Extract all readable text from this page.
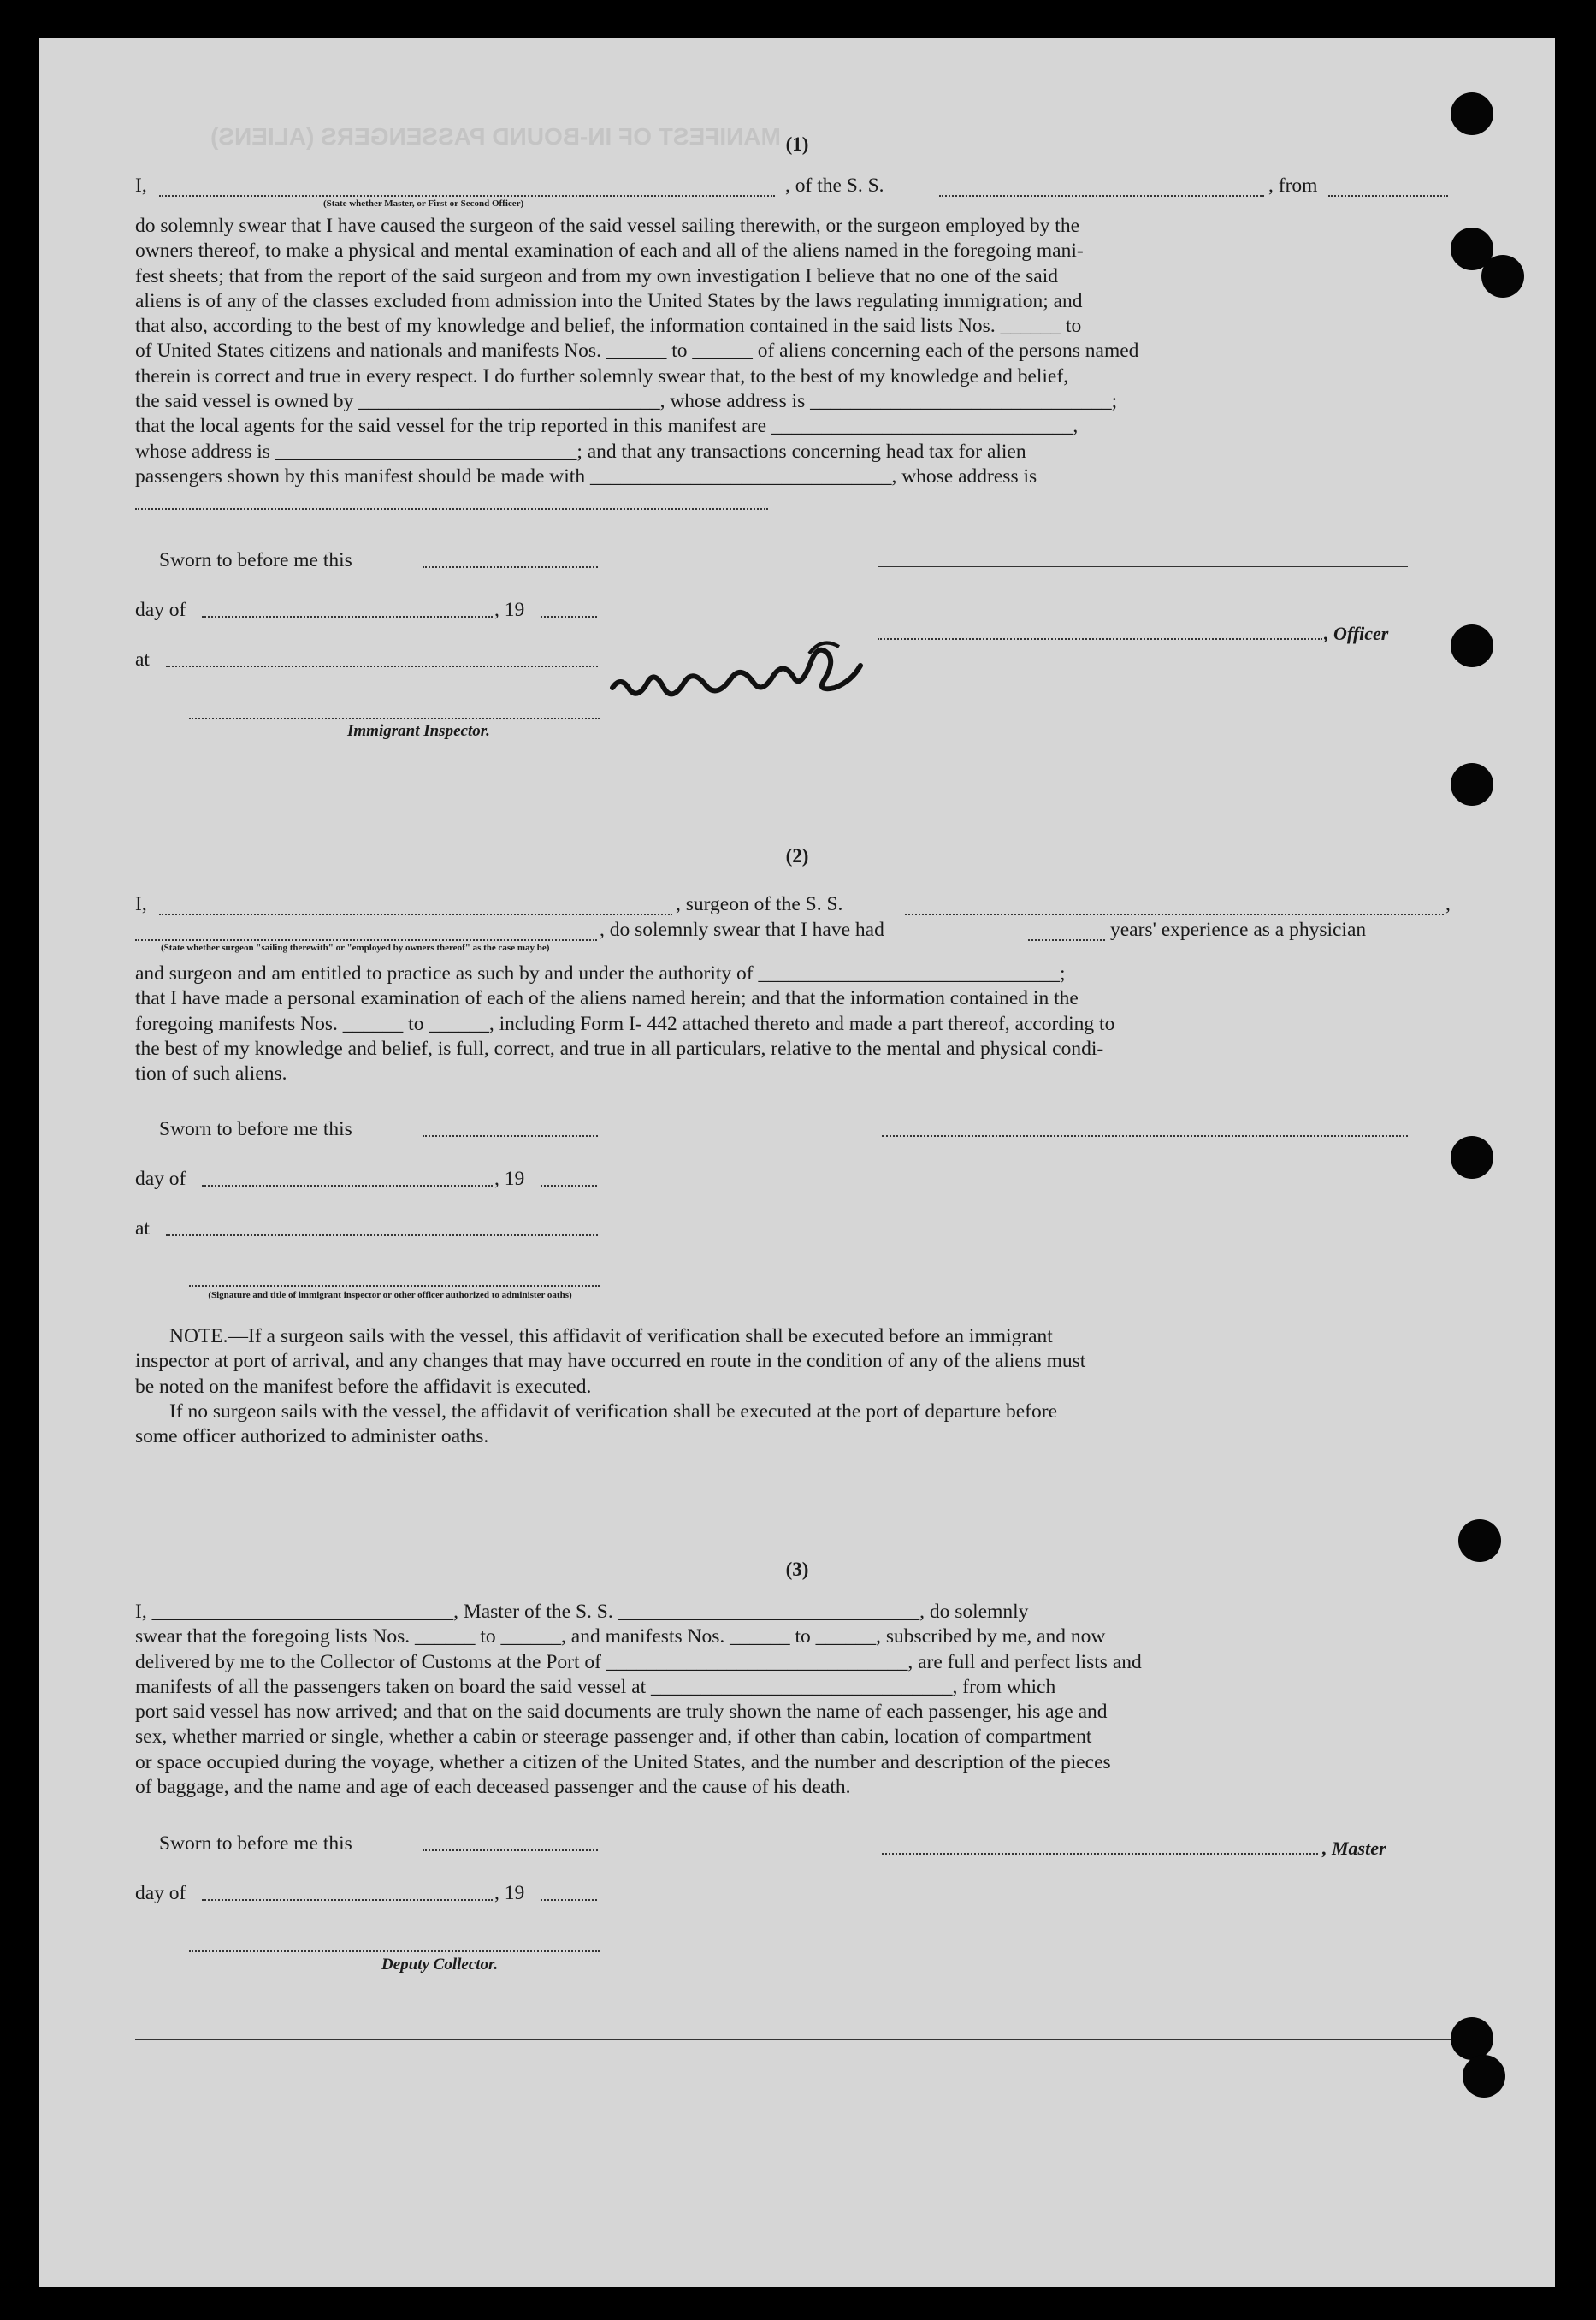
MANIFEST OF IN-BOUND PASSENGERS (ALIENS) (1)
I,	, of the S. S.	, from
(State whether Master, or First or Second Officer)

do solemnly swear that I have caused the surgeon of the said vessel sailing therewith, or the surgeon employed by the

owners thereof, to make a physical and mental examination of each and all of the aliens named in the foregoing mani-

fest sheets; that from the report of the said surgeon and from my own investigation I believe that no one of the said

aliens is of any of the classes excluded from admission into the United States by the laws regulating immigration; and

that also, according to the best of my knowledge and belief, the information contained in the said lists Nos. ______ to

of United States citizens and nationals and manifests Nos. ______ to ______ of aliens concerning each of the persons named

therein is correct and true in every respect. I do further solemnly swear that, to the best of my knowledge and belief,

the said vessel is owned by ______________________________, whose address is ______________________________;

that the local agents for the said vessel for the trip reported in this manifest are ______________________________,

whose address is ______________________________; and that any transactions concerning head tax for alien

passengers shown by this manifest should be made with ______________________________, whose address is

Sworn to before me this
day of	, 19
, Officer
at
Immigrant Inspector.
(2)
I,	, surgeon of the S. S.	,
, do solemnly swear that I have had	years' experience as a physician
(State whether surgeon "sailing therewith" or "employed by owners thereof" as the case may be)

and surgeon and am entitled to practice as such by and under the authority of ______________________________;

that I have made a personal examination of each of the aliens named herein; and that the information contained in the

foregoing manifests Nos. ______ to ______, including Form I- 442 attached thereto and made a part thereof, according to

the best of my knowledge and belief, is full, correct, and true in all particulars, relative to the mental and physical condi-

tion of such aliens.

Sworn to before me this
day of	, 19
at
(Signature and title of immigrant inspector or other officer authorized to administer oaths)

NOTE.—If a surgeon sails with the vessel, this affidavit of verification shall be executed before an immigrant

inspector at port of arrival, and any changes that may have occurred en route in the condition of any of the aliens must

be noted on the manifest before the affidavit is executed.

If no surgeon sails with the vessel, the affidavit of verification shall be executed at the port of departure before

some officer authorized to administer oaths.

(3)

I, ______________________________, Master of the S. S. ______________________________, do solemnly

swear that the foregoing lists Nos. ______ to ______, and manifests Nos. ______ to ______, subscribed by me, and now

delivered by me to the Collector of Customs at the Port of ______________________________, are full and perfect lists and

manifests of all the passengers taken on board the said vessel at ______________________________, from which

port said vessel has now arrived; and that on the said documents are truly shown the name of each passenger, his age and

sex, whether married or single, whether a cabin or steerage passenger and, if other than cabin, location of compartment

or space occupied during the voyage, whether a citizen of the United States, and the number and description of the pieces

of baggage, and the name and age of each deceased passenger and the cause of his death.

Sworn to before me this	, Master
day of	, 19
Deputy Collector.
